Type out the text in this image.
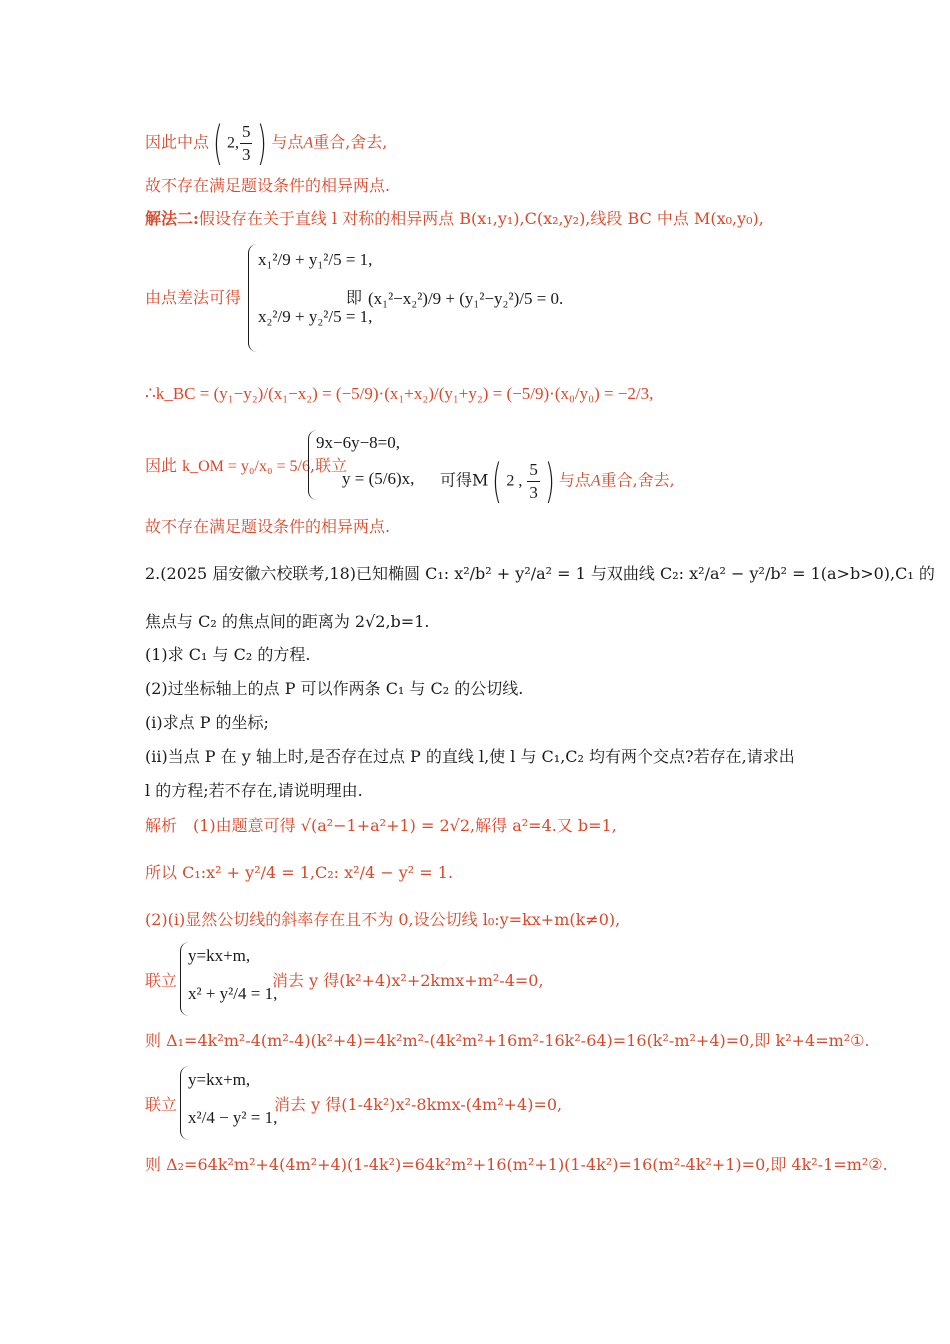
因此中点( 2, $\frac{5}{3}$ ) 与点A重合,舍去,
故不存在满足题设条件的相异两点.
解法二:假设存在关于直线 l 对称的相异两点 B(x₁,y₁),C(x₂,y₂),线段 BC 中点 M(x₀,y₀),
由点差法可得
x₁²/9 + y₁²/5 = 1,
x₂²/9 + y₂²/5 = 1,
即 (x₁²−x₂²)/9 + (y₁²−y₂²)/5 = 0.
∴k_BC = (y₁−y₂)/(x₁−x₂) = (−5/9)·(x₁+x₂)/(y₁+y₂) = (−5/9)·(x₀/y₀) = −2/3,
因此 k_OM = y₀/x₀ = 5/6,联立
9x−6y−8=0,
y = (5/6)x, 可得M( 2 , $\frac{5}{3}$ ) 与点A重合,舍去,
故不存在满足题设条件的相异两点.
2.(2025 届安徽六校联考,18)已知椭圆 C₁: x²/b² + y²/a² = 1 与双曲线 C₂: x²/a² − y²/b² = 1(a>b>0),C₁ 的
焦点与 C₂ 的焦点间的距离为 2√2,b=1.
(1)求 C₁ 与 C₂ 的方程.
(2)过坐标轴上的点 P 可以作两条 C₁ 与 C₂ 的公切线.
(i)求点 P 的坐标;
(ii)当点 P 在 y 轴上时,是否存在过点 P 的直线 l,使 l 与 C₁,C₂ 均有两个交点?若存在,请求出
l 的方程;若不存在,请说明理由.
解析　(1)由题意可得 √(a²−1+a²+1) = 2√2,解得 a²=4.又 b=1,
所以 C₁:x² + y²/4 = 1,C₂: x²/4 − y² = 1.
(2)(i)显然公切线的斜率存在且不为 0,设公切线 l₀:y=kx+m(k≠0),
联立
y=kx+m,
x² + y²/4 = 1,
消去 y 得(k²+4)x²+2kmx+m²-4=0,
则 Δ₁=4k²m²-4(m²-4)(k²+4)=4k²m²-(4k²m²+16m²-16k²-64)=16(k²-m²+4)=0,即 k²+4=m²①.
联立
y=kx+m,
x²/4 − y² = 1,
消去 y 得(1-4k²)x²-8kmx-(4m²+4)=0,
则 Δ₂=64k²m²+4(4m²+4)(1-4k²)=64k²m²+16(m²+1)(1-4k²)=16(m²-4k²+1)=0,即 4k²-1=m²②.
